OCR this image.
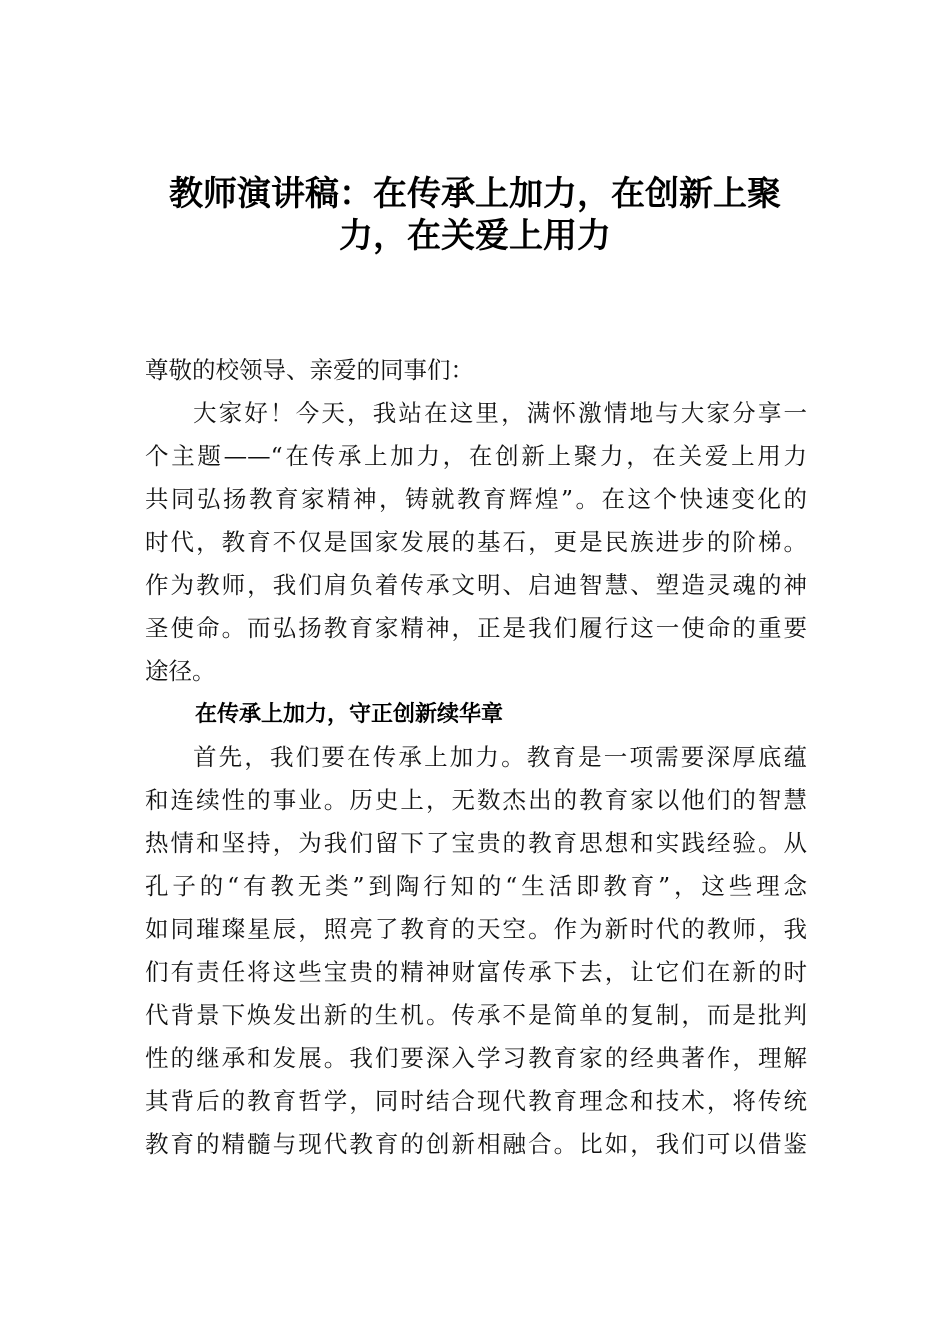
教师演讲稿：在传承上加力，在创新上聚
力，在关爱上用力
尊敬的校领导、亲爱的同事们：
大家好！今天，我站在这里，满怀激情地与大家分享一
个主题——“在传承上加力，在创新上聚力，在关爱上用力
共同弘扬教育家精神，铸就教育辉煌”。在这个快速变化的
时代，教育不仅是国家发展的基石，更是民族进步的阶梯。
作为教师，我们肩负着传承文明、启迪智慧、塑造灵魂的神
圣使命。而弘扬教育家精神，正是我们履行这一使命的重要
途径。
在传承上加力，守正创新续华章
首先，我们要在传承上加力。教育是一项需要深厚底蕴
和连续性的事业。历史上，无数杰出的教育家以他们的智慧
热情和坚持，为我们留下了宝贵的教育思想和实践经验。从
孔子的“有教无类”到陶行知的“生活即教育”，这些理念
如同璀璨星辰，照亮了教育的天空。作为新时代的教师，我
们有责任将这些宝贵的精神财富传承下去，让它们在新的时
代背景下焕发出新的生机。传承不是简单的复制，而是批判
性的继承和发展。我们要深入学习教育家的经典著作，理解
其背后的教育哲学，同时结合现代教育理念和技术，将传统
教育的精髓与现代教育的创新相融合。比如，我们可以借鉴
